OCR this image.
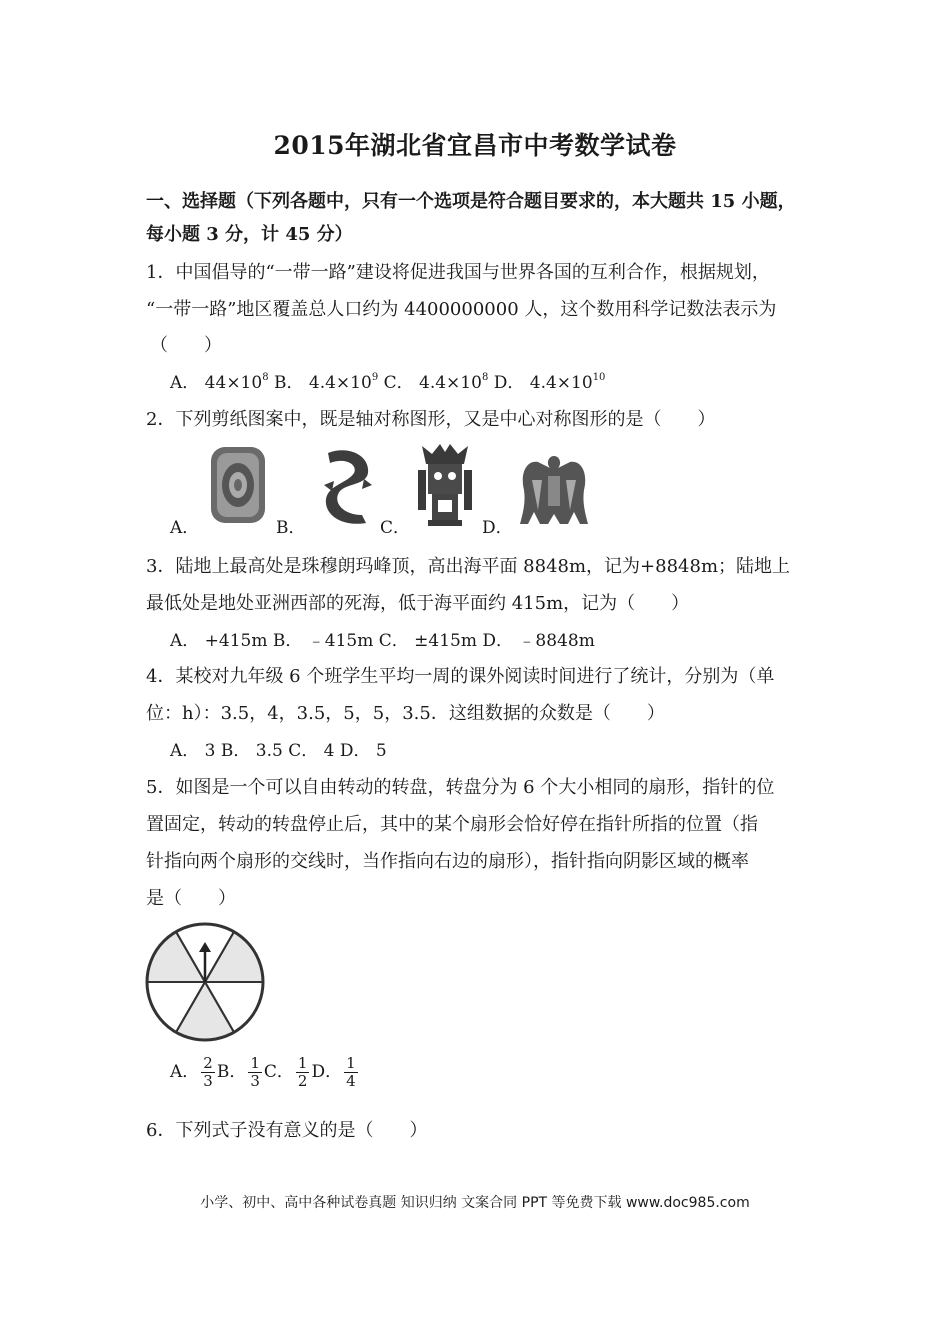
2015年湖北省宜昌市中考数学试卷
一、选择题（下列各题中，只有一个选项是符合题目要求的，本大题共 15 小题，
每小题 3 分，计 45 分）
1．中国倡导的“一带一路”建设将促进我国与世界各国的互利合作，根据规划，
“一带一路”地区覆盖总人口约为 4400000000 人，这个数用科学记数法表示为
（　　）
A． $44\times 10^8$ B． $4.4\times 10^9$ C． $4.4\times 10^8$ D． $4.4\times 10^{10}$
2．下列剪纸图案中，既是轴对称图形，又是中心对称图形的是（　　）
A．	B．	C．	D．
3．陆地上最高处是珠穆朗玛峰顶，高出海平面 8848m，记为+8848m；陆地上
最低处是地处亚洲西部的死海，低于海平面约 415m，记为（　　）
A． +415m B． ﹣415m C． ±415m D． ﹣8848m
4．某校对九年级 6 个班学生平均一周的课外阅读时间进行了统计，分别为（单
位：h）：3.5，4，3.5，5，5，3.5．这组数据的众数是（　　）
A． 3 B． 3.5 C． 4 D． 5
5．如图是一个可以自由转动的转盘，转盘分为 6 个大小相同的扇形，指针的位
置固定，转动的转盘停止后，其中的某个扇形会恰好停在指针所指的位置（指
针指向两个扇形的交线时，当作指向右边的扇形），指针指向阴影区域的概率
是（　　）
A． $\frac{2}{3}$ B． $\frac{1}{3}$ C． $\frac{1}{2}$ D． $\frac{1}{4}$
6．下列式子没有意义的是（　　）
小学、初中、高中各种试卷真题 知识归纳 文案合同 PPT 等免费下载 www.doc985.com
